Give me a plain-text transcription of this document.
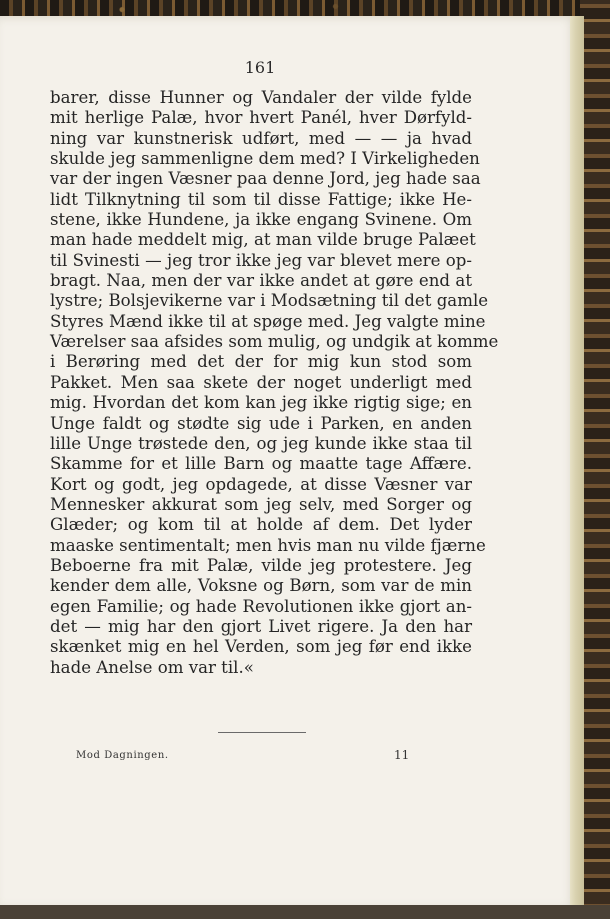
161
barer, disse Hunner og Vandaler der vilde fylde
mit herlige Palæ, hvor hvert Panél, hver Dørfyld-
ning var kunstnerisk udført, med — — ja hvad
skulde jeg sammenligne dem med? I Virkeligheden
var der ingen Væsner paa denne Jord, jeg hade saa
lidt Tilknytning til som til disse Fattige; ikke He-
stene, ikke Hundene, ja ikke engang Svinene. Om
man hade meddelt mig, at man vilde bruge Palæet
til Svinesti — jeg tror ikke jeg var blevet mere op-
bragt. Naa, men der var ikke andet at gøre end at
lystre; Bolsjevikerne var i Modsætning til det gamle
Styres Mænd ikke til at spøge med. Jeg valgte mine
Værelser saa afsides som mulig, og undgik at komme
i Berøring med det der for mig kun stod som
Pakket. Men saa skete der noget underligt med
mig. Hvordan det kom kan jeg ikke rigtig sige; en
Unge faldt og stødte sig ude i Parken, en anden
lille Unge trøstede den, og jeg kunde ikke staa til
Skamme for et lille Barn og maatte tage Affære.
Kort og godt, jeg opdagede, at disse Væsner var
Mennesker akkurat som jeg selv, med Sorger og
Glæder; og kom til at holde af dem. Det lyder
maaske sentimentalt; men hvis man nu vilde fjærne
Beboerne fra mit Palæ, vilde jeg protestere. Jeg
kender dem alle, Voksne og Børn, som var de min
egen Familie; og hade Revolutionen ikke gjort an-
det — mig har den gjort Livet rigere. Ja den har
skænket mig en hel Verden, som jeg før end ikke
hade Anelse om var til.«
Mod Dagningen.	11
